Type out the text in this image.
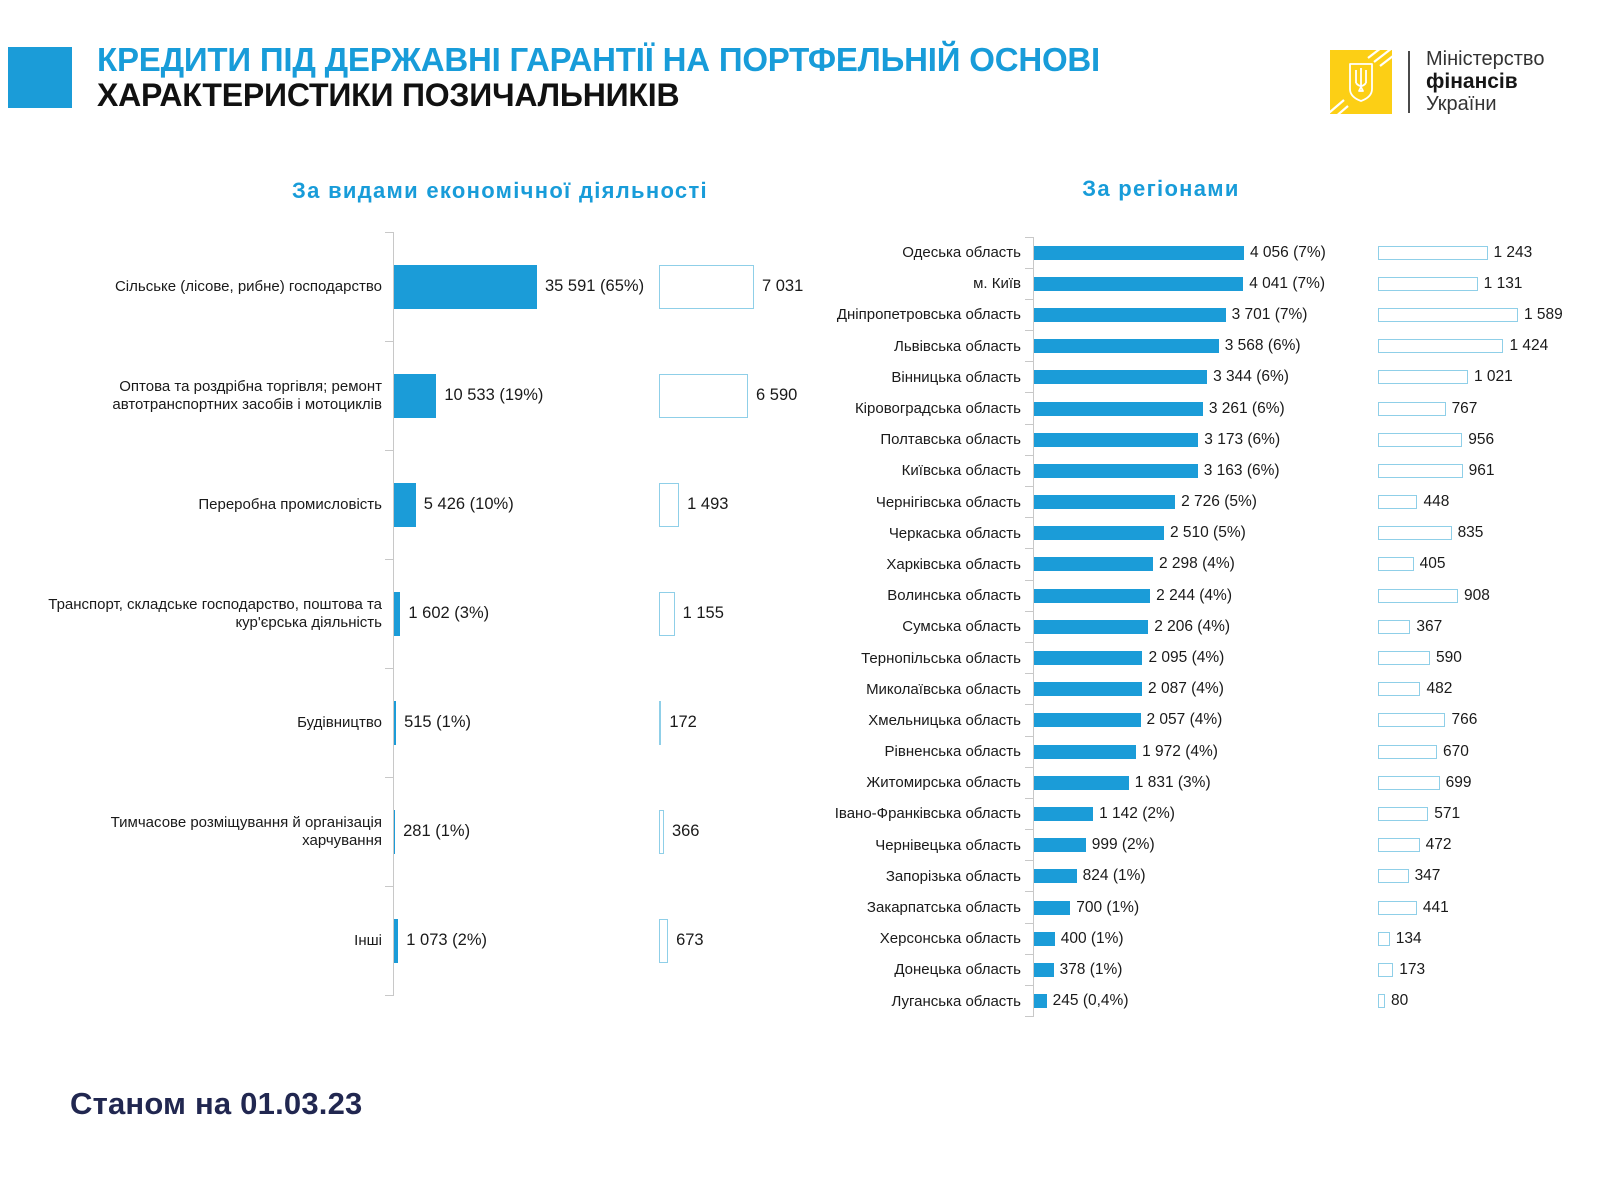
КРЕДИТИ ПІД ДЕРЖАВНІ ГАРАНТІЇ НА ПОРТФЕЛЬНІЙ ОСНОВІ
ХАРАКТЕРИСТИКИ ПОЗИЧАЛЬНИКІВ
Міністерство
фінансів
України
За видами економічної діяльності
Сільське (лісове, рибне) господарство	35 591 (65%)	7 031
Оптова та роздрібна торгівля; ремонт автотранспортних засобів і мотоциклів	10 533 (19%)	6 590
Переробна промисловість	5 426 (10%)	1 493
Транспорт, складське господарство, поштова та кур'єрська діяльність	1 602 (3%)	1 155
Будівництво	515 (1%)	172
Тимчасове розміщування й організація харчування	281 (1%)	366
Інші	1 073 (2%)	673
За регіонами
Одеська область	4 056 (7%)	1 243
м. Київ	4 041 (7%)	1 131
Дніпропетровська область	3 701 (7%)	1 589
Львівська область	3 568 (6%)	1 424
Вінницька область	3 344 (6%)	1 021
Кіровоградська область	3 261 (6%)	767
Полтавська область	3 173 (6%)	956
Київська область	3 163 (6%)	961
Чернігівська область	2 726 (5%)	448
Черкаська область	2 510 (5%)	835
Харківська область	2 298 (4%)	405
Волинська область	2 244 (4%)	908
Сумська область	2 206 (4%)	367
Тернопільська область	2 095 (4%)	590
Миколаївська область	2 087 (4%)	482
Хмельницька область	2 057 (4%)	766
Рівненська область	1 972 (4%)	670
Житомирська область	1 831 (3%)	699
Івано-Франківська область	1 142 (2%)	571
Чернівецька область	999 (2%)	472
Запорізька область	824 (1%)	347
Закарпатська область	700 (1%)	441
Херсонська область	400 (1%)	134
Донецька область	378 (1%)	173
Луганська область	245 (0,4%)	80
Станом на 01.03.23
